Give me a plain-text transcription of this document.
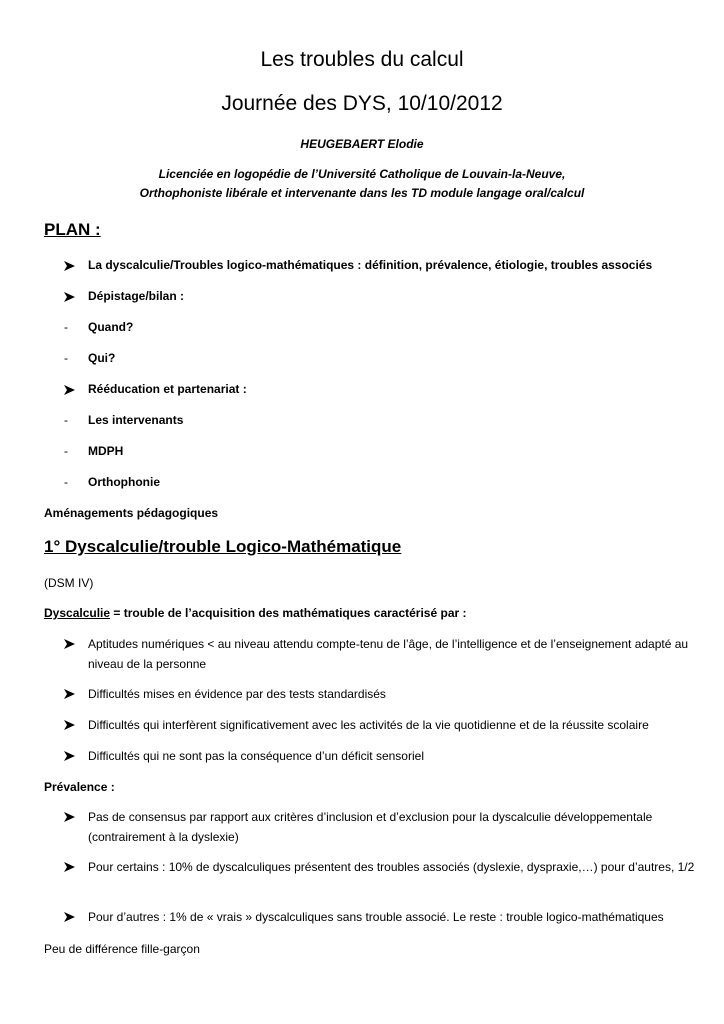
Les troubles du calcul
Journée des DYS, 10/10/2012
HEUGEBAERT Elodie
Licenciée en logopédie de l’Université Catholique de Louvain-la-Neuve,
Orthophoniste libérale et intervenante dans les TD module langage oral/calcul
PLAN :
La dyscalculie/Troubles logico-mathématiques : définition, prévalence, étiologie, troubles associés
Dépistage/bilan :
-	Quand?
-	Qui?
Rééducation et partenariat :
-	Les intervenants
-	MDPH
-	Orthophonie
Aménagements pédagogiques
1° Dyscalculie/trouble Logico-Mathématique
(DSM IV)
Dyscalculie = trouble de l’acquisition des mathématiques caractérisé par :
Aptitudes numériques < au niveau attendu compte-tenu de l’âge, de l’intelligence et de l’enseignement adapté au niveau de la personne
Difficultés mises en évidence par des tests standardisés
Difficultés qui interfèrent significativement avec les activités de la vie quotidienne et de la réussite scolaire
Difficultés qui ne sont pas la conséquence d’un déficit sensoriel
Prévalence :
Pas de consensus par rapport aux critères d’inclusion et d’exclusion pour la dyscalculie développementale (contrairement à la dyslexie)
Pour certains : 10% de dyscalculiques présentent des troubles associés (dyslexie, dyspraxie,…) pour d’autres, 1/2
Pour d’autres : 1% de « vrais » dyscalculiques sans trouble associé. Le reste : trouble logico-mathématiques
Peu de différence fille-garçon
